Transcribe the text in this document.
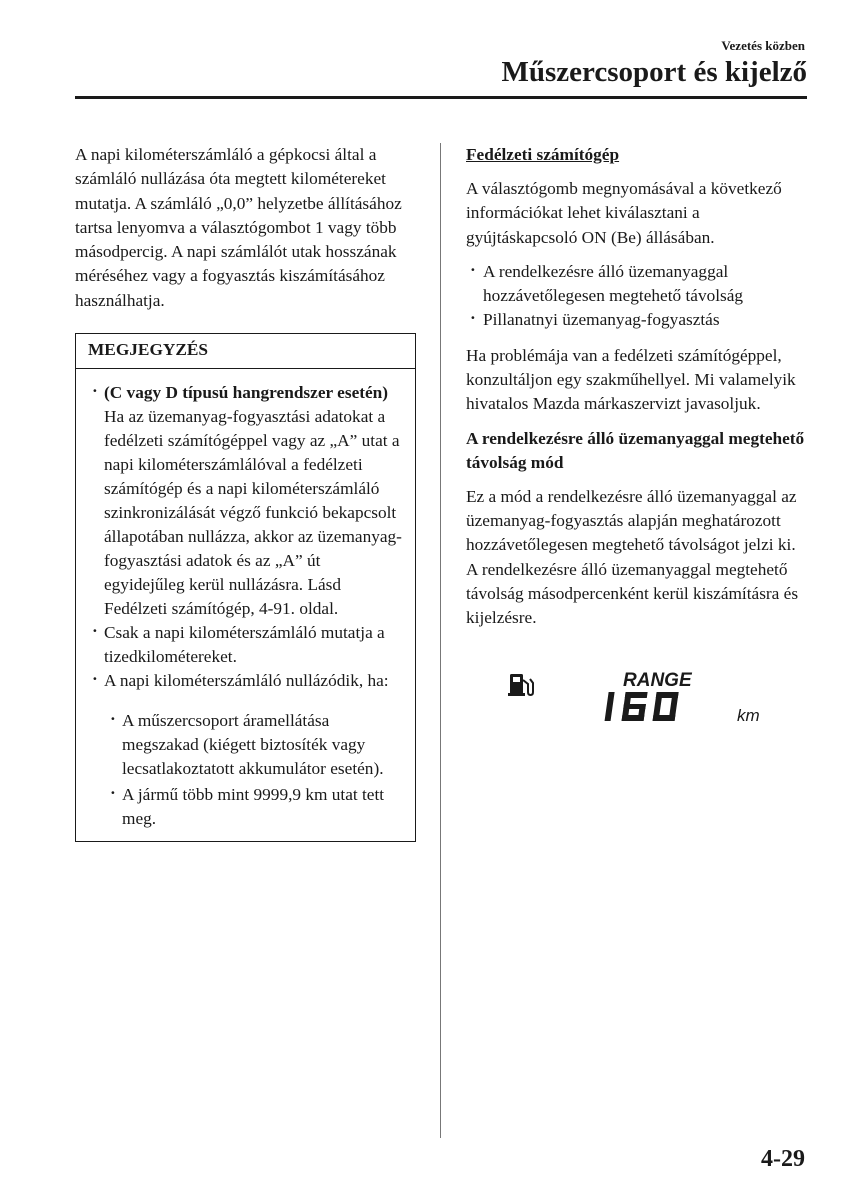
Vezetés közben
Műszercsoport és kijelző

A napi kilométerszámláló a gépkocsi által a számláló nullázása óta megtett kilométereket mutatja. A számláló „0,0” helyzetbe állításához tartsa lenyomva a választógombot 1 vagy több másodpercig. A napi számlálót utak hosszának méréséhez vagy a fogyasztás kiszámításához használhatja.

MEGJEGYZÉS
· (C vagy D típusú hangrendszer esetén)
Ha az üzemanyag-fogyasztási adatokat a fedélzeti számítógéppel vagy az „A” utat a napi kilométerszámlálóval a fedélzeti számítógép és a napi kilométerszámláló szinkronizálását végző funkció bekapcsolt állapotában nullázza, akkor az üzemanyag-fogyasztási adatok és az „A” út egyidejűleg kerül nullázásra. Lásd Fedélzeti számítógép, 4-91. oldal.
· Csak a napi kilométerszámláló mutatja a tizedkilométereket.
· A napi kilométerszámláló nullázódik, ha:
· A műszercsoport áramellátása megszakad (kiégett biztosíték vagy lecsatlakoztatott akkumulátor esetén).
· A jármű több mint 9999,9 km utat tett meg.
Fedélzeti számítógép

A választógomb megnyomásával a következő információkat lehet kiválasztani a gyújtáskapcsoló ON (Be) állásában.

· A rendelkezésre álló üzemanyaggal hozzávetőlegesen megtehető távolság
· Pillanatnyi üzemanyag-fogyasztás

Ha problémája van a fedélzeti számítógéppel, konzultáljon egy szakműhellyel. Mi valamelyik hivatalos Mazda márkaszervizt javasoljuk.

A rendelkezésre álló üzemanyaggal megtehető távolság mód

Ez a mód a rendelkezésre álló üzemanyaggal az üzemanyag-fogyasztás alapján meghatározott hozzávetőlegesen megtehető távolságot jelzi ki.

A rendelkezésre álló üzemanyaggal megtehető távolság másodpercenként kerül kiszámításra és kijelzésre.

RANGE
160
km
4-29
